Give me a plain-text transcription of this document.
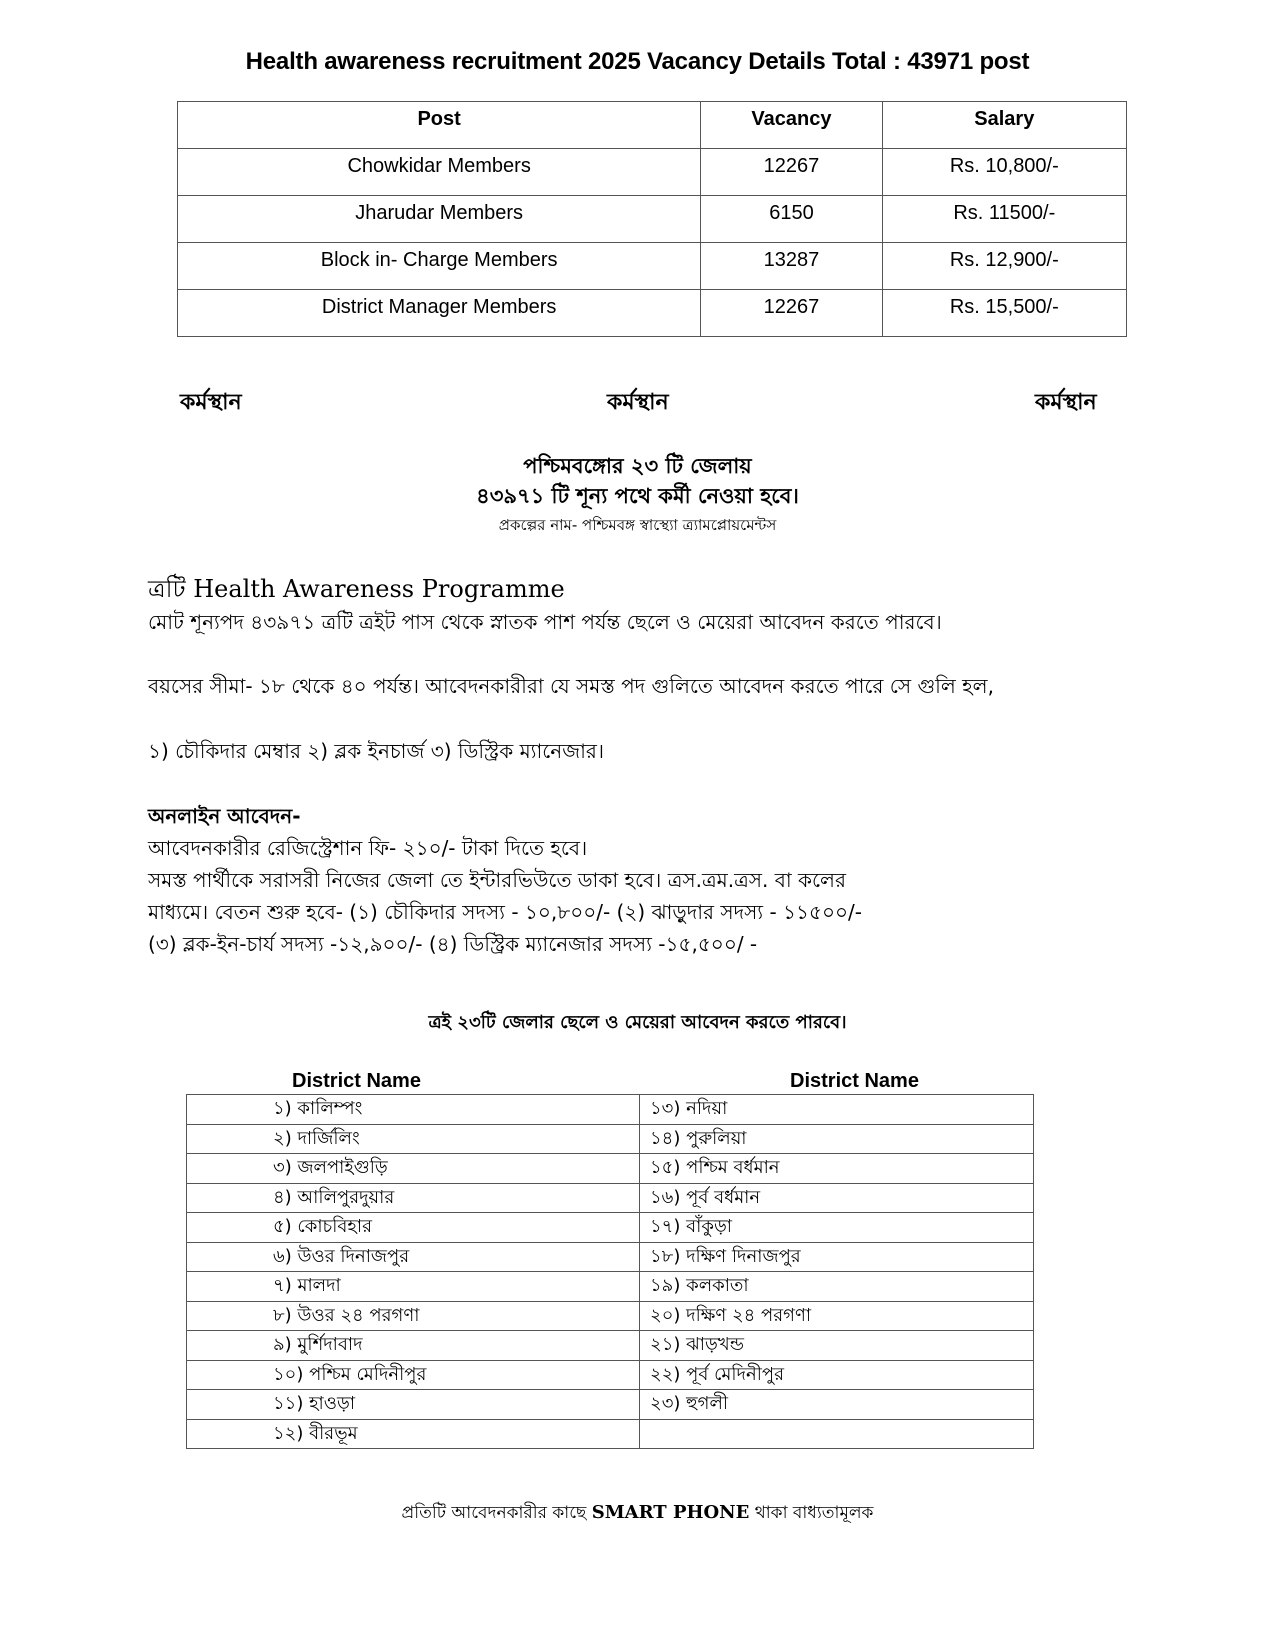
Health awareness recruitment 2025 Vacancy Details Total : 43971 post
Post	Vacancy	Salary
Chowkidar Members	12267	Rs. 10,800/-
Jharudar Members	6150	Rs. 11500/-
Block in- Charge Members	13287	Rs. 12,900/-
District Manager Members	12267	Rs. 15,500/-
কর্মস্থান	কর্মস্থান	কর্মস্থান
পশ্চিমবঙ্গোর ২৩ টি জেলায়
৪৩৯৭১ টি শূন্য পথে কর্মী নেওয়া হবে।
প্রকল্পের নাম- পশ্চিমবঙ্গ স্বাস্থ্যো ত্র্যামপ্লোয়মেন্টস
ত্রটি Health Awareness Programme
মোট শূন্যপদ ৪৩৯৭১ ত্রটি ত্রইট পাস থেকে স্নাতক পাশ পর্যন্ত ছেলে ও মেয়েরা আবেদন করতে পারবে।
বয়সের সীমা- ১৮ থেকে ৪০ পর্যন্ত। আবেদনকারীরা যে সমস্ত পদ গুলিতে আবেদন করতে পারে সে গুলি হল,
১) চৌকিদার মেম্বার ২) ব্লক ইনচার্জ ৩) ডিস্ট্রিক ম্যানেজার।
অনলাইন আবেদন-
আবেদনকারীর রেজিস্ট্রেশান ফি- ২১০/- টাকা দিতে হবে।
সমস্ত পার্থীকে সরাসরী নিজের জেলা তে ইন্টারভিউতে ডাকা হবে। ত্রস.ত্রম.ত্রস. বা কলের
মাধ্যমে। বেতন শুরু হবে- (১) চৌকিদার সদস্য - ১০,৮০০/- (২) ঝাড়ুদার সদস্য - ১১৫০০/-
(৩) ব্লক-ইন-চার্য সদস্য -১২,৯০০/- (৪) ডিস্ট্রিক ম্যানেজার সদস্য -১৫,৫০০/ -
ত্রই ২৩টি জেলার ছেলে ও মেয়েরা আবেদন করতে পারবে।
District Name	District Name
১) কালিম্পং	১৩) নদিয়া
২) দার্জিলিং	১৪) পুরুলিয়া
৩) জলপাইগুড়ি	১৫) পশ্চিম বর্ধমান
৪) আলিপুরদুয়ার	১৬) পূর্ব বর্ধমান
৫) কোচবিহার	১৭) বাঁকুড়া
৬) উওর দিনাজপুর	১৮) দক্ষিণ দিনাজপুর
৭) মালদা	১৯) কলকাতা
৮) উওর ২৪ পরগণা	২০) দক্ষিণ ২৪ পরগণা
৯) মুর্শিদাবাদ	২১) ঝাড়খন্ড
১০) পশ্চিম মেদিনীপুর	২২) পূর্ব মেদিনীপুর
১১) হাওড়া	২৩) হুগলী
১২) বীরভূম	
প্রতিটি আবেদনকারীর কাছে SMART PHONE থাকা বাধ্যতামূলক
